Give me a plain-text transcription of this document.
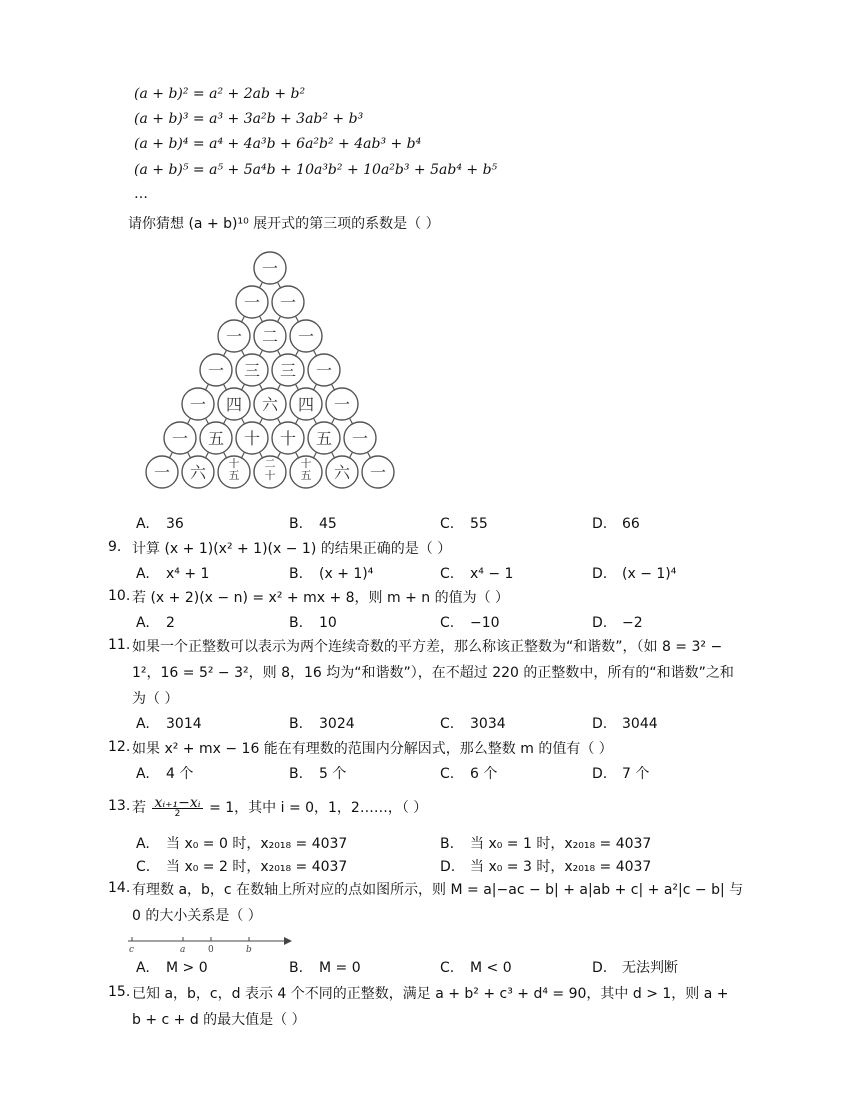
(a + b)² = a² + 2ab + b²
(a + b)³ = a³ + 3a²b + 3ab² + b³
(a + b)⁴ = a⁴ + 4a³b + 6a²b² + 4ab³ + b⁴
(a + b)⁵ = a⁵ + 5a⁴b + 10a³b² + 10a²b³ + 5ab⁴ + b⁵
…
请你猜想 (a + b)¹⁰ 展开式的第三项的系数是（ ）
一
一 一
一 二 一
一 三 三 一
一 四 六 四 一
一 五 十 十 五 一
一 六 十
五
二
十
十
五 六 一
A. 36	B. 45	C. 55	D. 66
9. 计算 (x + 1)(x² + 1)(x − 1) 的结果正确的是（ ）
A. x⁴ + 1	B. (x + 1)⁴	C. x⁴ − 1	D. (x − 1)⁴
10. 若 (x + 2)(x − n) = x² + mx + 8，则 m + n 的值为（ ）
A. 2	B. 10	C. −10	D. −2
11. 如果一个正整数可以表示为两个连续奇数的平方差，那么称该正整数为“和谐数”，（如 8 = 3² −
1²，16 = 5² − 3²，则 8，16 均为“和谐数”），在不超过 220 的正整数中，所有的“和谐数”之和
为（ ）
A. 3014	B. 3024	C. 3034	D. 3044
12. 如果 x² + mx − 16 能在有理数的范围内分解因式，那么整数 m 的值有（ ）
A. 4 个	B. 5 个	C. 6 个	D. 7 个
13. 若 $\frac{\text{xᵢ₊₁−xᵢ}}{2} = 1$，其中 i = 0，1，2……，（ ）
A. 当 x₀ = 0 时，x₂₀₁₈ = 4037	B. 当 x₀ = 1 时，x₂₀₁₈ = 4037
C. 当 x₀ = 2 时，x₂₀₁₈ = 4037	D. 当 x₀ = 3 时，x₂₀₁₈ = 4037
14. 有理数 a，b，c 在数轴上所对应的点如图所示，则 M = a|−ac − b| + a|ab + c| + a²|c − b| 与
0 的大小关系是（ ）
c	a	0	b
A. M > 0	B. M = 0	C. M < 0	D. 无法判断
15. 已知 a，b，c，d 表示 4 个不同的正整数，满足 a + b² + c³ + d⁴ = 90，其中 d > 1，则 a +
b + c + d 的最大值是（ ）
